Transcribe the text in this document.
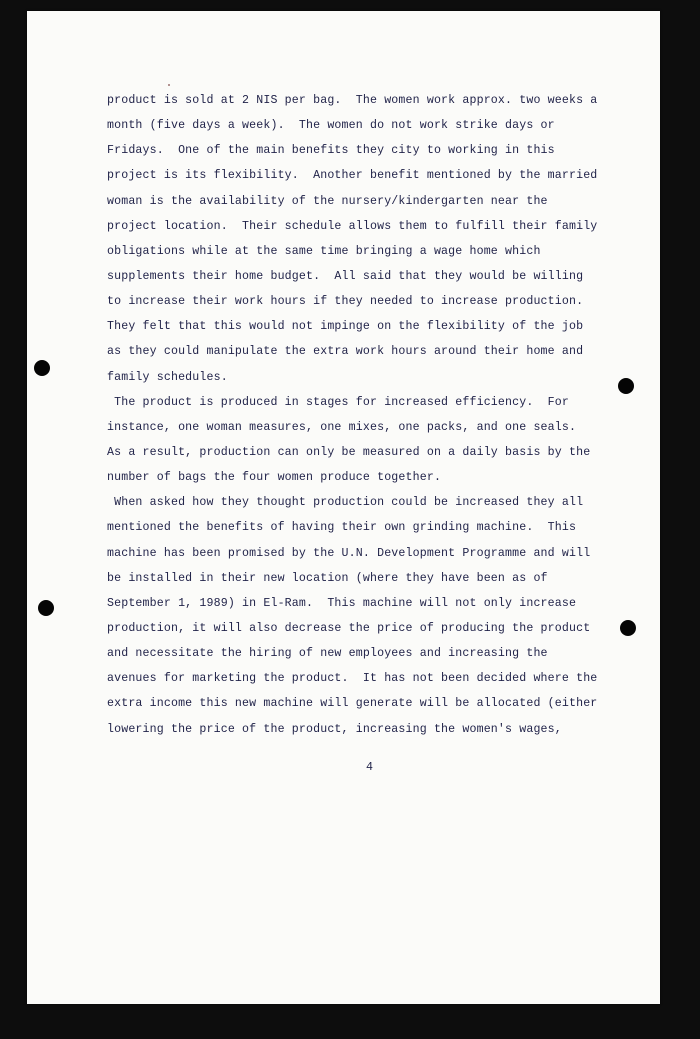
product is sold at 2 NIS per bag.  The women work approx. two weeks a
month (five days a week).  The women do not work strike days or
Fridays.  One of the main benefits they city to working in this
project is its flexibility.  Another benefit mentioned by the married
woman is the availability of the nursery/kindergarten near the
project location.  Their schedule allows them to fulfill their family
obligations while at the same time bringing a wage home which
supplements their home budget.  All said that they would be willing
to increase their work hours if they needed to increase production.
They felt that this would not impinge on the flexibility of the job
as they could manipulate the extra work hours around their home and
family schedules.
The product is produced in stages for increased efficiency.  For
instance, one woman measures, one mixes, one packs, and one seals.
As a result, production can only be measured on a daily basis by the
number of bags the four women produce together.
When asked how they thought production could be increased they all
mentioned the benefits of having their own grinding machine.  This
machine has been promised by the U.N. Development Programme and will
be installed in their new location (where they have been as of
September 1, 1989) in El-Ram.  This machine will not only increase
production, it will also decrease the price of producing the product
and necessitate the hiring of new employees and increasing the
avenues for marketing the product.  It has not been decided where the
extra income this new machine will generate will be allocated (either
lowering the price of the product, increasing the women's wages,
4
